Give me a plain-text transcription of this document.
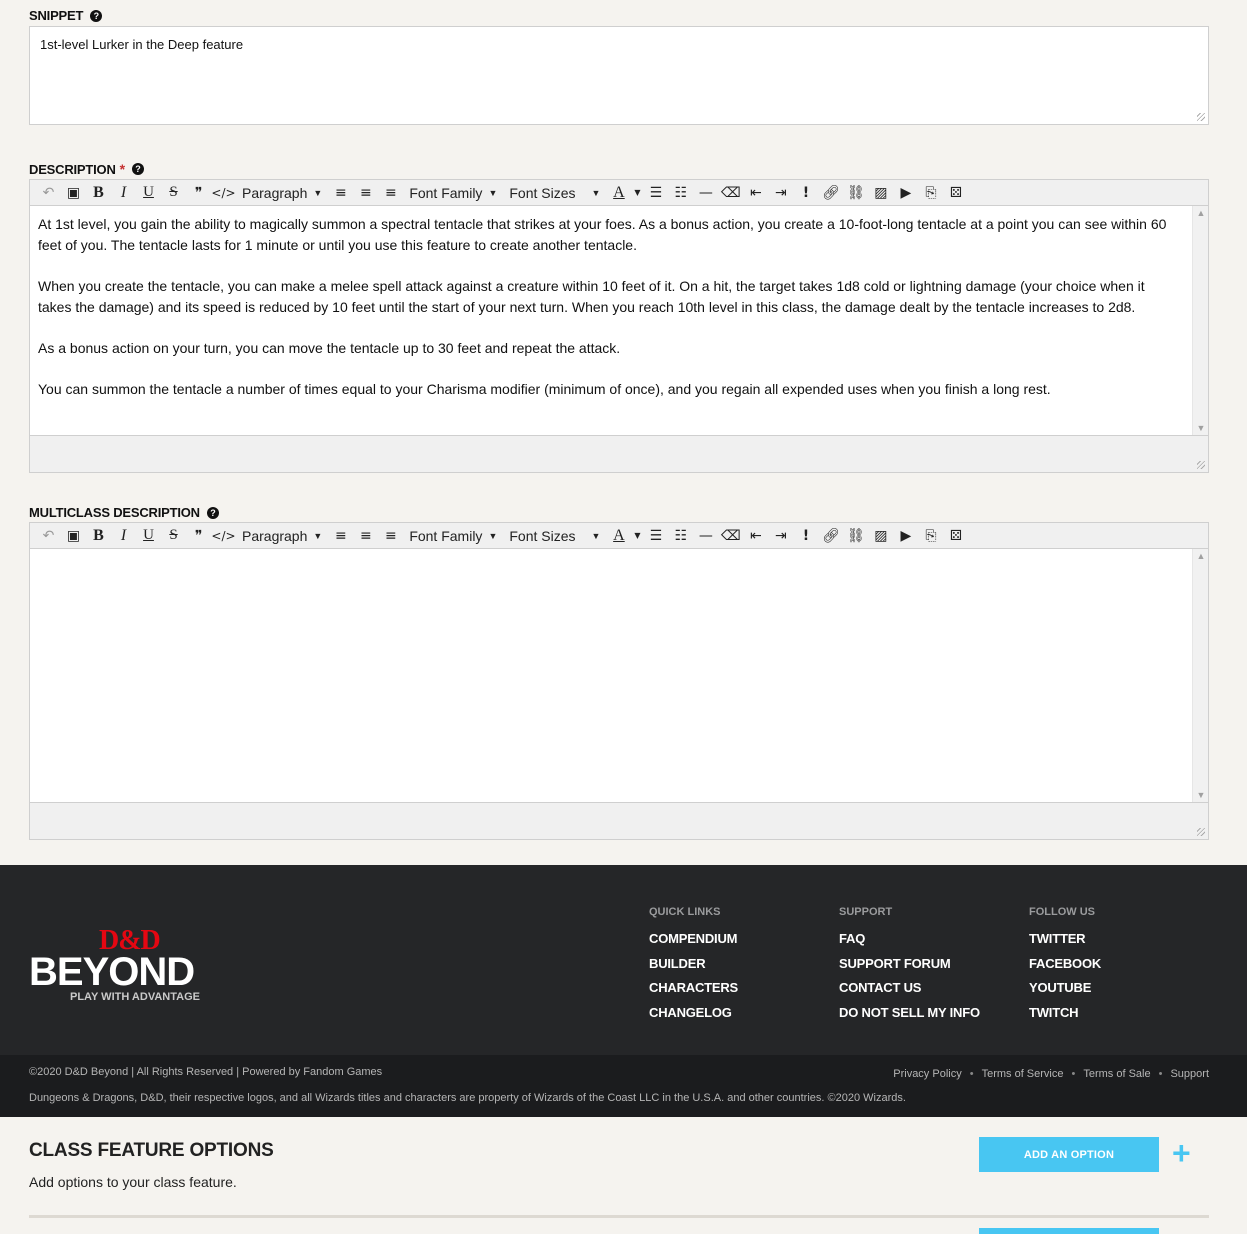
SNIPPET	?
1st-level Lurker in the Deep feature
DESCRIPTION *	?
↶ ▣ B	I	U	S	❞ </> Paragraph ▼ ≡ ≡ ≡ Font Family ▼ Font Sizes ▼ A	▼ ☰ ☷ — ⌫ ⇤ ⇥	! 🔗︎ ⛓ ▨ ▶	⎘ ⚄

At 1st level, you gain the ability to magically summon a spectral tentacle that strikes at your foes. As a bonus action, you create a 10-foot-long tentacle at a point you can see within 60 feet of you. The tentacle lasts for 1 minute or until you use this feature to create another tentacle.

When you create the tentacle, you can make a melee spell attack against a creature within 10 feet of it. On a hit, the target takes 1d8 cold or lightning damage (your choice when it takes the damage) and its speed is reduced by 10 feet until the start of your next turn. When you reach 10th level in this class, the damage dealt by the tentacle increases to 2d8.

As a bonus action on your turn, you can move the tentacle up to 30 feet and repeat the attack.

You can summon the tentacle a number of times equal to your Charisma modifier (minimum of once), and you regain all expended uses when you finish a long rest.

▲
▼
MULTICLASS DESCRIPTION	?
↶ ▣ B	I	U	S	❞ </> Paragraph ▼ ≡ ≡ ≡ Font Family ▼ Font Sizes ▼ A	▼ ☰ ☷ — ⌫ ⇤ ⇥	! 🔗︎ ⛓ ▨ ▶	⎘ ⚄
▲
▼
D&D
BEYOND
PLAY WITH ADVANTAGE
QUICK LINKS
COMPENDIUM
BUILDER
CHARACTERS
CHANGELOG
SUPPORT
FAQ
SUPPORT FORUM
CONTACT US
DO NOT SELL MY INFO
FOLLOW US
TWITTER
FACEBOOK
YOUTUBE
TWITCH
©2020 D&D Beyond | All Rights Reserved | Powered by Fandom Games
Dungeons & Dragons, D&D, their respective logos, and all Wizards titles and characters are property of Wizards of the Coast LLC in the U.S.A. and other countries. ©2020 Wizards.
Privacy Policy • Terms of Service • Terms of Sale • Support
CLASS FEATURE OPTIONS
Add options to your class feature.
ADD AN OPTION	+
